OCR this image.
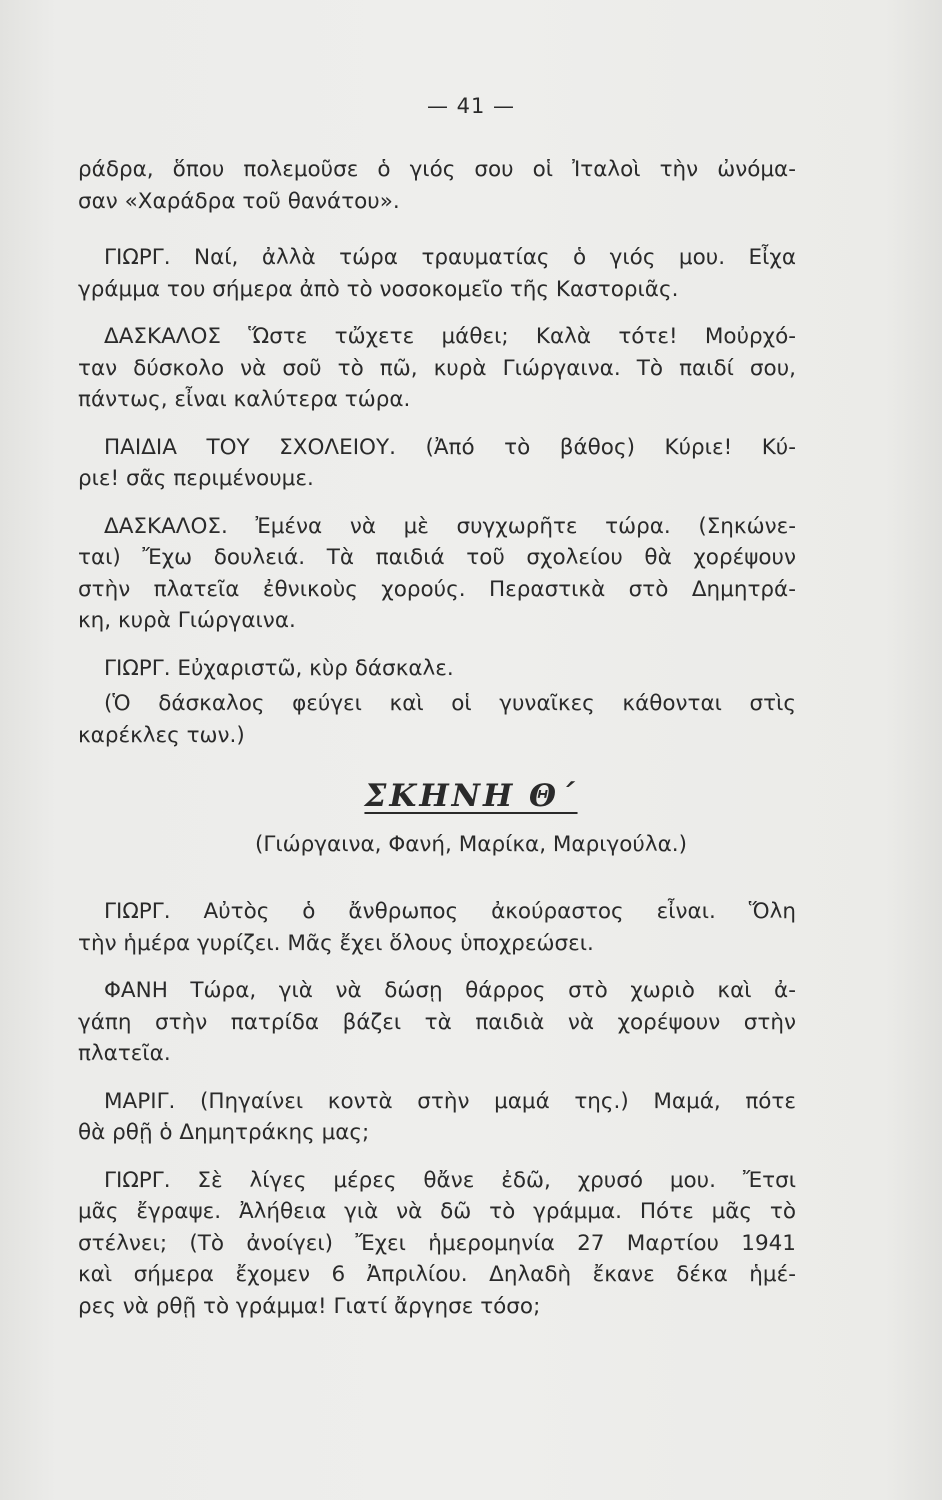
— 41 —
ράδρα, ὅπου πολεμοῦσε ὁ γιός σου οἱ Ἰταλοὶ τὴν ὠνόμα-
σαν «Χαράδρα τοῦ θανάτου».
ΓΙΩΡΓ. Ναί, ἀλλὰ τώρα τραυματίας ὁ γιός μου. Εἶχα
γράμμα του σήμερα ἀπὸ τὸ νοσοκομεῖο τῆς Καστοριᾶς.
ΔΑΣΚΑΛΟΣ Ὥστε τὤχετε μάθει; Καλὰ τότε! Μοὐρχό-
ταν δύσκολο νὰ σοῦ τὸ πῶ, κυρὰ Γιώργαινα. Τὸ παιδί σου,
πάντως, εἶναι καλύτερα τώρα.
ΠΑΙΔΙΑ ΤΟΥ ΣΧΟΛΕΙΟΥ. (Ἀπό τὸ βάθος) Κύριε! Κύ-
ριε! σᾶς περιμένουμε.
ΔΑΣΚΑΛΟΣ. Ἐμένα νὰ μὲ συγχωρῆτε τώρα. (Σηκώνε-
ται) Ἔχω δουλειά. Τὰ παιδιά τοῦ σχολείου θὰ χορέψουν
στὴν πλατεῖα ἐθνικοὺς χορούς. Περαστικὰ στὸ Δημητρά-
κη, κυρὰ Γιώργαινα.
ΓΙΩΡΓ. Εὐχαριστῶ, κὺρ δάσκαλε.
(Ὁ δάσκαλος φεύγει καὶ οἱ γυναῖκες κάθονται στὶς
καρέκλες των.)
ΣΚΗΝΗ Θ΄
(Γιώργαινα, Φανή, Μαρίκα, Μαριγούλα.)
ΓΙΩΡΓ. Αὐτὸς ὁ ἄνθρωπος ἀκούραστος εἶναι. Ὅλη
τὴν ἡμέρα γυρίζει. Μᾶς ἔχει ὅλους ὑποχρεώσει.
ΦΑΝΗ Τώρα, γιὰ νὰ δώσῃ θάρρος στὸ χωριὸ καὶ ἀ-
γάπη στὴν πατρίδα βάζει τὰ παιδιὰ νὰ χορέψουν στὴν
πλατεῖα.
ΜΑΡΙΓ. (Πηγαίνει κοντὰ στὴν μαμά της.) Μαμά, πότε
θὰ ρθῇ ὁ Δημητράκης μας;
ΓΙΩΡΓ. Σὲ λίγες μέρες θἄνε ἐδῶ, χρυσό μου. Ἔτσι
μᾶς ἔγραψε. Ἀλήθεια γιὰ νὰ δῶ τὸ γράμμα. Πότε μᾶς τὸ
στέλνει; (Τὸ ἀνοίγει) Ἔχει ἡμερομηνία 27 Μαρτίου 1941
καὶ σήμερα ἔχομεν 6 Ἀπριλίου. Δηλαδὴ ἔκανε δέκα ἡμέ-
ρες νὰ ρθῇ τὸ γράμμα! Γιατί ἄργησε τόσο;
